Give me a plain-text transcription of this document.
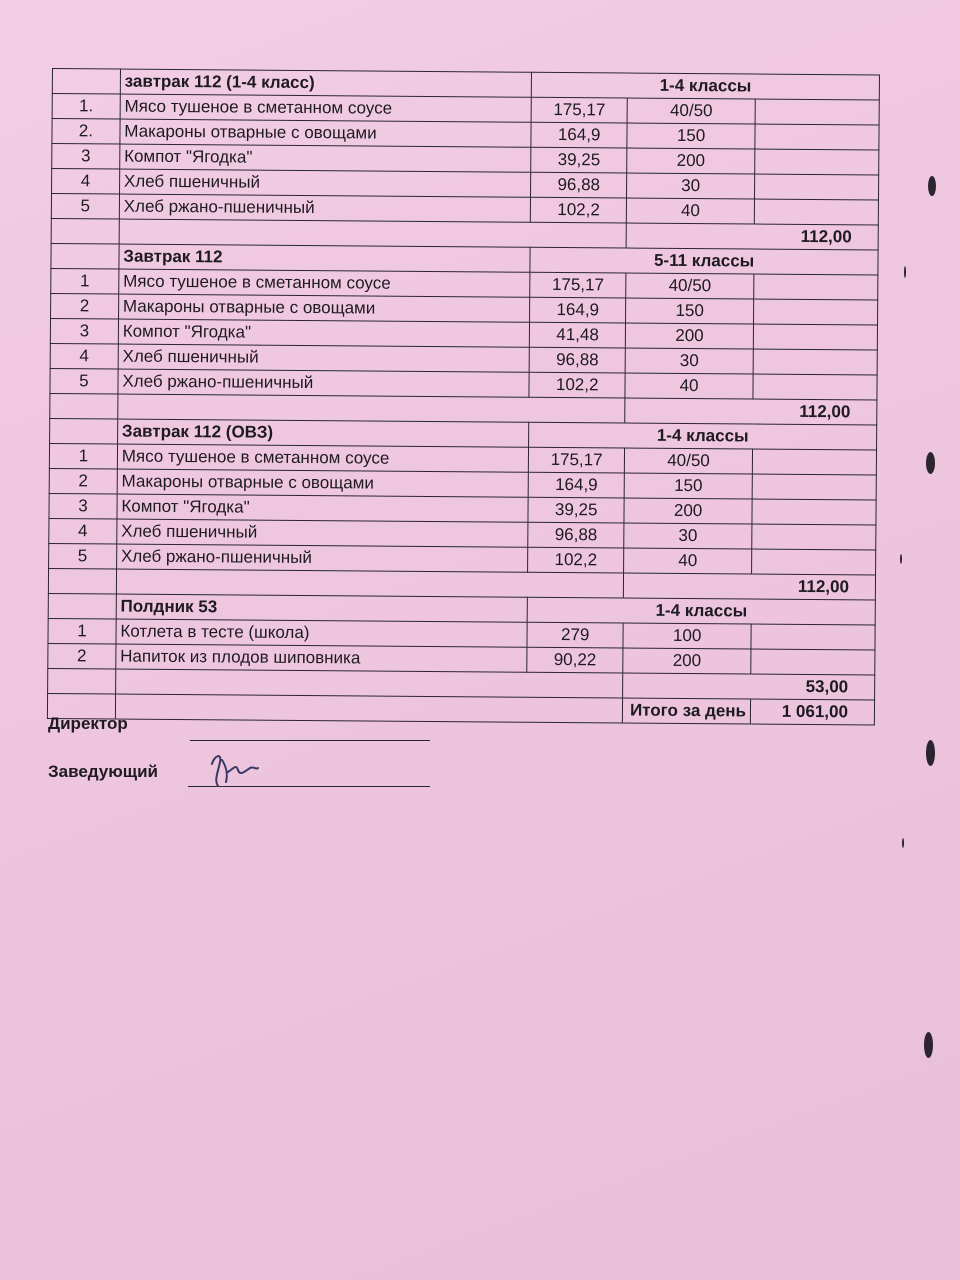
	завтрак 112 (1-4 класс)	1-4 классы		
1.	Мясо тушеное в сметанном соусе	175,17	40/50	
2.	Макароны отварные с овощами	164,9	150	
3	Компот "Ягодка"	39,25	200	
4	Хлеб пшеничный	96,88	30	
5	Хлеб ржано-пшеничный	102,2	40	
			112,00	
	Завтрак 112	5-11 классы		
1	Мясо тушеное в сметанном соусе	175,17	40/50	
2	Макароны отварные с овощами	164,9	150	
3	Компот "Ягодка"	41,48	200	
4	Хлеб пшеничный	96,88	30	
5	Хлеб ржано-пшеничный	102,2	40	
			112,00	
	Завтрак 112 (ОВЗ)	1-4 классы		
1	Мясо тушеное в сметанном соусе	175,17	40/50	
2	Макароны отварные с овощами	164,9	150	
3	Компот "Ягодка"	39,25	200	
4	Хлеб пшеничный	96,88	30	
5	Хлеб ржано-пшеничный	102,2	40	
			112,00	
	Полдник 53	1-4 классы		
1	Котлета в тесте (школа)	279	100	
2	Напиток из плодов шиповника	90,22	200	
			53,00	
			Итого за день	1 061,00
Директор
Заведующий
